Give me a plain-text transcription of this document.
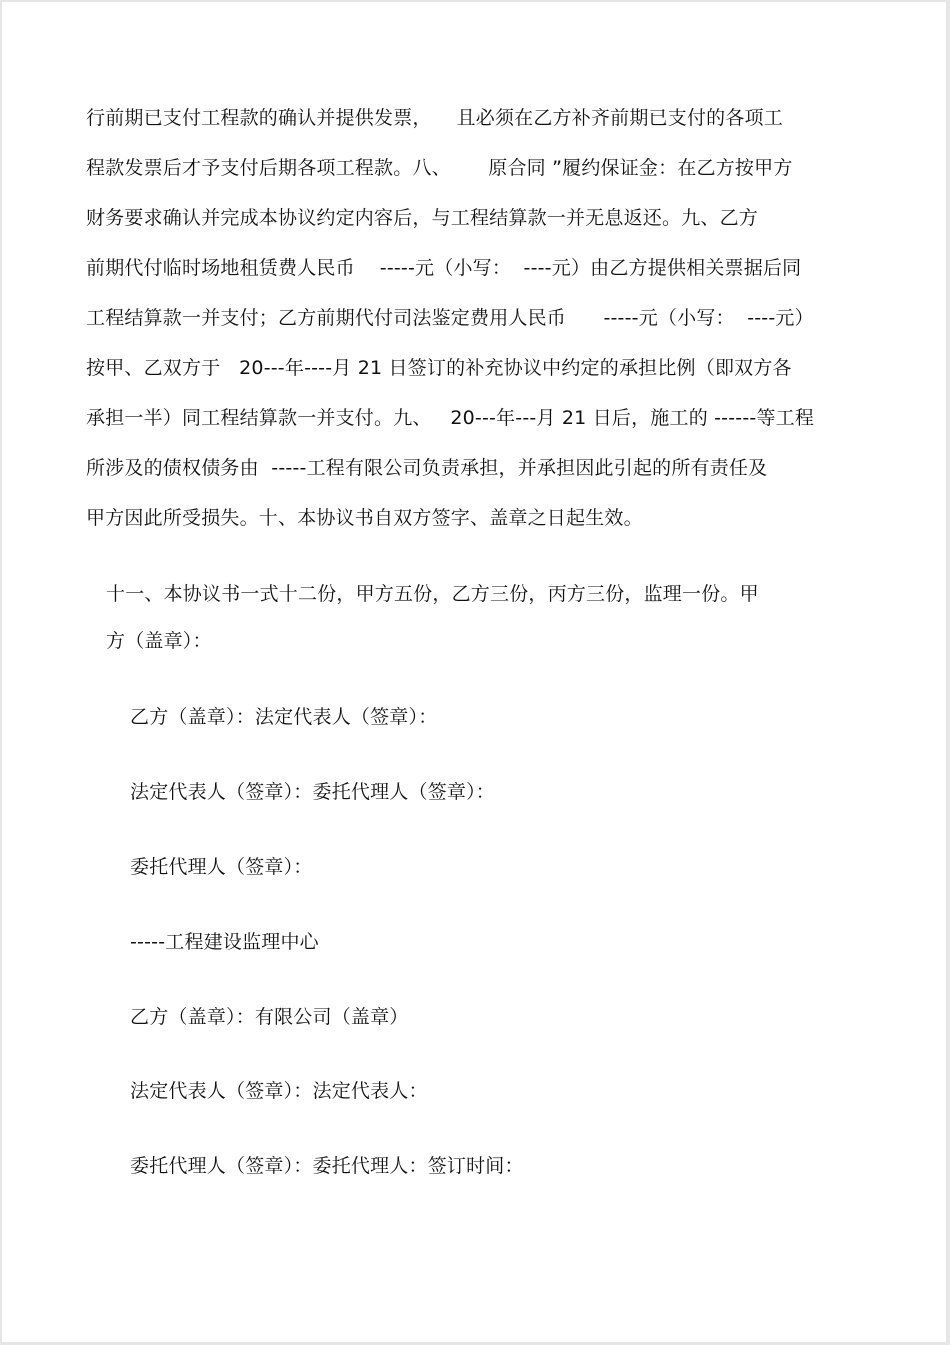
行前期已支付工程款的确认并提供发票，    且必须在乙方补齐前期已支付的各项工
程款发票后才予支付后期各项工程款。八、      原合同 ”履约保证金：在乙方按甲方
财务要求确认并完成本协议约定内容后，与工程结算款一并无息返还。九、乙方
前期代付临时场地租赁费人民币    -----元（小写：  ----元）由乙方提供相关票据后同
工程结算款一并支付；乙方前期代付司法鉴定费用人民币      -----元（小写：  ----元）
按甲、乙双方于   20---年----月 21 日签订的补充协议中约定的承担比例（即双方各
承担一半）同工程结算款一并支付。九、   20---年---月 21 日后，施工的 ------等工程
所涉及的债权债务由  -----工程有限公司负责承担，并承担因此引起的所有责任及
甲方因此所受损失。十、本协议书自双方签字、盖章之日起生效。
十一、本协议书一式十二份，甲方五份，乙方三份，丙方三份，监理一份。甲
方（盖章）：
乙方（盖章）：法定代表人（签章）：
法定代表人（签章）：委托代理人（签章）：
委托代理人（签章）：
-----工程建设监理中心
乙方（盖章）：有限公司（盖章）
法定代表人（签章）：法定代表人：
委托代理人（签章）：委托代理人：签订时间：
